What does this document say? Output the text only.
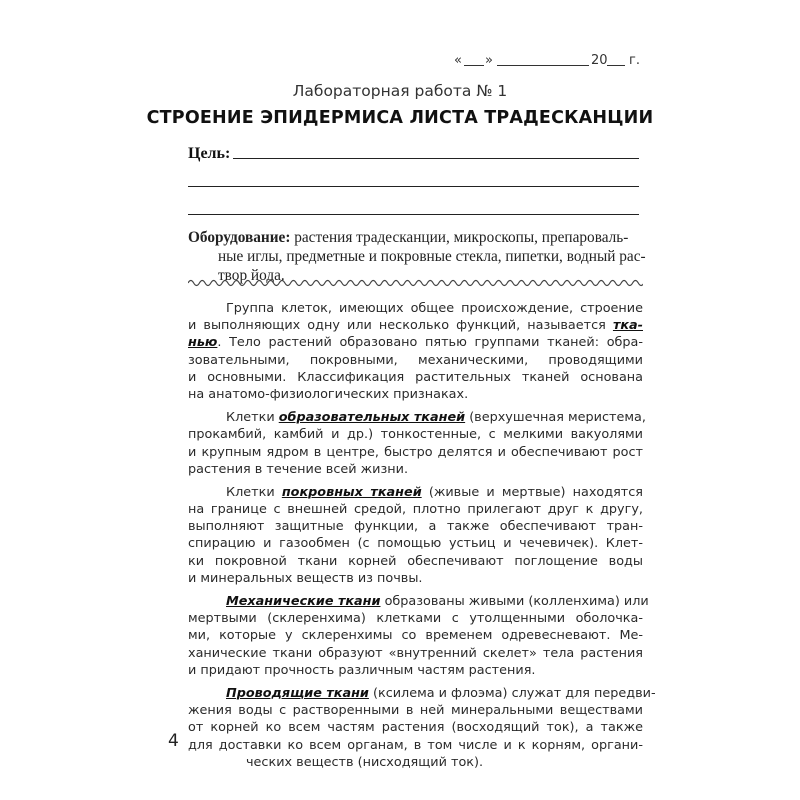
« »	20 г.
Лабораторная работа № 1
СТРОЕНИЕ ЭПИДЕРМИСА ЛИСТА ТРАДЕСКАНЦИИ
Цель:
Оборудование: растения традесканции, микроскопы, препароваль-
ные иглы, предметные и покровные стекла, пипетки, водный рас-
твор йода.
Группа клеток, имеющих общее происхождение, строение
и выполняющих одну или несколько функций, называется тка-
нью. Тело растений образовано пятью группами тканей: обра-
зовательными, покровными, механическими, проводящими
и основными. Классификация растительных тканей основана
на анатомо-физиологических признаках.
Клетки образовательных тканей (верхушечная меристема,
прокамбий, камбий и др.) тонкостенные, с мелкими вакуолями
и крупным ядром в центре, быстро делятся и обеспечивают рост
растения в течение всей жизни.
Клетки покровных тканей (живые и мертвые) находятся
на границе с внешней средой, плотно прилегают друг к другу,
выполняют защитные функции, а также обеспечивают тран-
спирацию и газообмен (с помощью устьиц и чечевичек). Клет-
ки покровной ткани корней обеспечивают поглощение воды
и минеральных веществ из почвы.
Механические ткани образованы живыми (колленхима) или
мертвыми (склеренхима) клетками с утолщенными оболочка-
ми, которые у склеренхимы со временем одревесневают. Ме-
ханические ткани образуют «внутренний скелет» тела растения
и придают прочность различным частям растения.
Проводящие ткани (ксилема и флоэма) служат для передви-
жения воды с растворенными в ней минеральными веществами
от корней ко всем частям растения (восходящий ток), а также
для доставки ко всем органам, в том числе и к корням, органи-
ческих веществ (нисходящий ток).
4
